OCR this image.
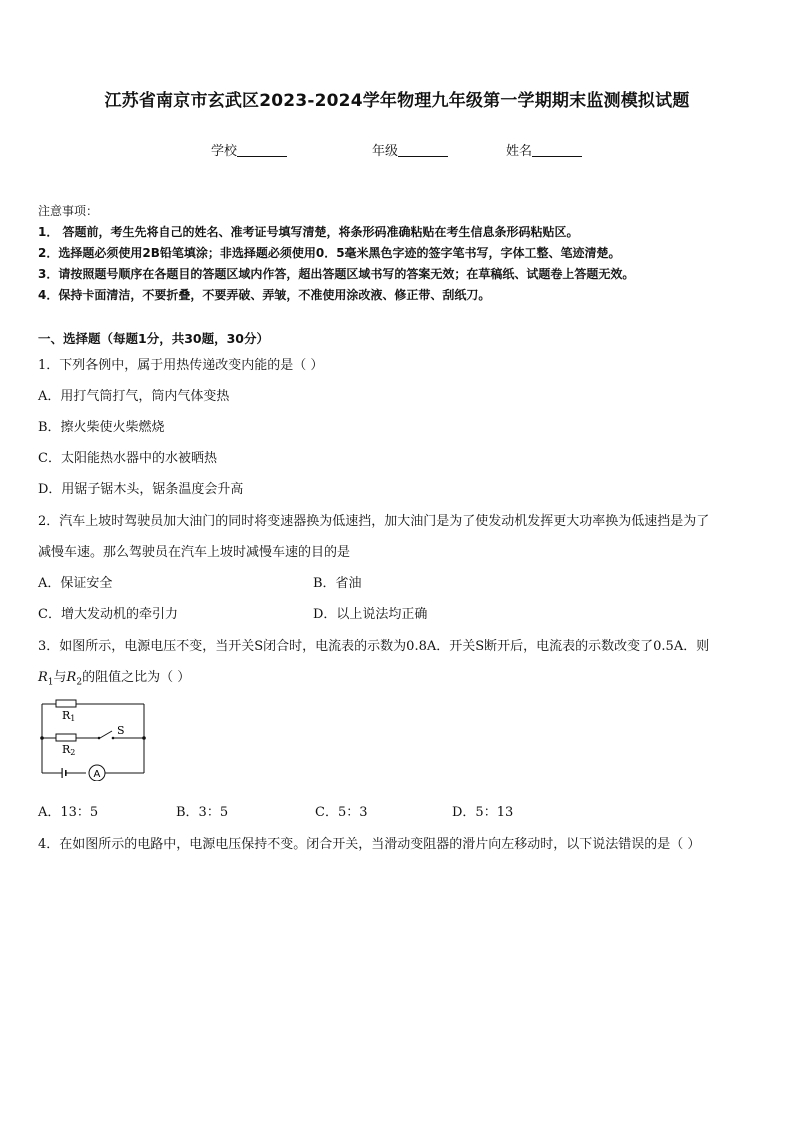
江苏省南京市玄武区2023-2024学年物理九年级第一学期期末监测模拟试题
学校	年级	姓名
注意事项：
1． 答题前，考生先将自己的姓名、准考证号填写清楚，将条形码准确粘贴在考生信息条形码粘贴区。
2．选择题必须使用2B铅笔填涂；非选择题必须使用0．5毫米黑色字迹的签字笔书写，字体工整、笔迹清楚。
3．请按照题号顺序在各题目的答题区域内作答，超出答题区域书写的答案无效；在草稿纸、试题卷上答题无效。
4．保持卡面清洁，不要折叠，不要弄破、弄皱，不准使用涂改液、修正带、刮纸刀。
一、选择题（每题1分，共30题，30分）
1．下列各例中，属于用热传递改变内能的是（ ）
A．用打气筒打气，筒内气体变热
B．擦火柴使火柴燃烧
C．太阳能热水器中的水被晒热
D．用锯子锯木头，锯条温度会升高
2．汽车上坡时驾驶员加大油门的同时将变速器换为低速挡，加大油门是为了使发动机发挥更大功率换为低速挡是为了
减慢车速。那么驾驶员在汽车上坡时减慢车速的目的是
A．保证安全	B．省油
C．增大发动机的牵引力	D．以上说法均正确
3．如图所示，电源电压不变，当开关S闭合时，电流表的示数为0.8A．开关S断开后，电流表的示数改变了0.5A．则
$R_1$与$R_2$的阻值之比为（ ）
R1
R2
S
A
A．13：5	B．3：5	C．5：3	D．5：13
4．在如图所示的电路中，电源电压保持不变。闭合开关，当滑动变阻器的滑片向左移动时，以下说法错误的是（ ）
